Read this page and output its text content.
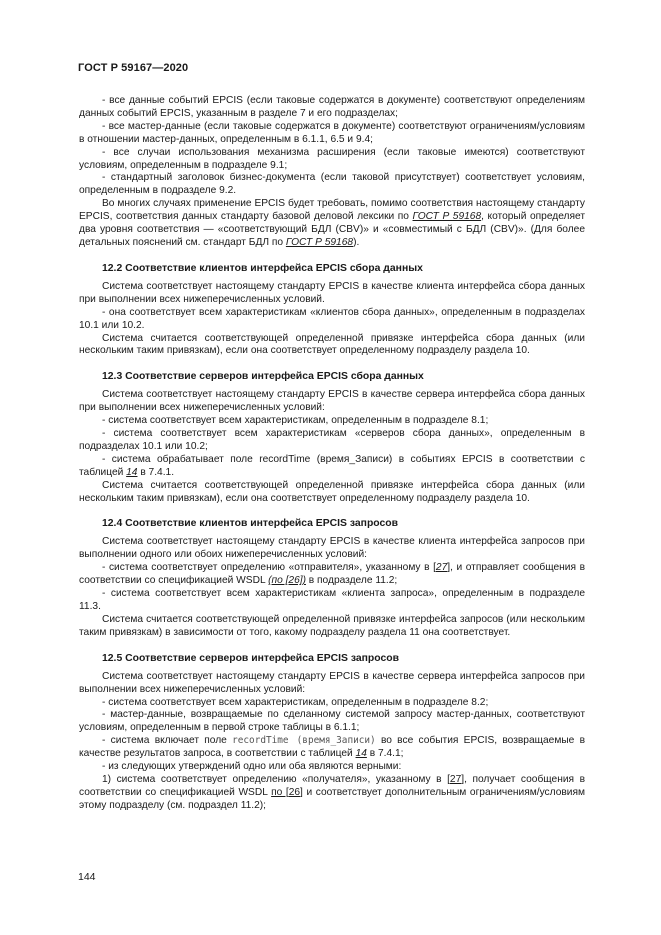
ГОСТ Р 59167—2020

- все данные событий EPCIS (если таковые содержатся в документе) соответствуют определениям данных событий EPCIS, указанным в разделе 7 и его подразделах;

- все мастер-данные (если таковые содержатся в документе) соответствуют ограничениям/условиям в отношении мастер-данных, определенным в 6.1.1, 6.5 и 9.4;

- все случаи использования механизма расширения (если таковые имеются) соответствуют условиям, определенным в подразделе 9.1;

- стандартный заголовок бизнес-документа (если таковой присутствует) соответствует условиям, определенным в подразделе 9.2.

Во многих случаях применение EPCIS будет требовать, помимо соответствия настоящему стандарту EPCIS, соответствия данных стандарту базовой деловой лексики по ГОСТ Р 59168, который определяет два уровня соответствия — «соответствующий БДЛ (CBV)» и «совместимый с БДЛ (CBV)». (Для более детальных пояснений см. стандарт БДЛ по ГОСТ Р 59168).

12.2 Соответствие клиентов интерфейса EPCIS сбора данных

Система соответствует настоящему стандарту EPCIS в качестве клиента интерфейса сбора данных при выполнении всех нижеперечисленных условий.

- она соответствует всем характеристикам «клиентов сбора данных», определенным в подразделах 10.1 или 10.2.

Система считается соответствующей определенной привязке интерфейса сбора данных (или нескольким таким привязкам), если она соответствует определенному подразделу раздела 10.

12.3 Соответствие серверов интерфейса EPCIS сбора данных

Система соответствует настоящему стандарту EPCIS в качестве сервера интерфейса сбора данных при выполнении всех нижеперечисленных условий:

- система соответствует всем характеристикам, определенным в подразделе 8.1;

- система соответствует всем характеристикам «серверов сбора данных», определенным в подразделах 10.1 или 10.2;

- система обрабатывает поле recordTime (время_Записи) в событиях EPCIS в соответствии с таблицей 14 в 7.4.1.

Система считается соответствующей определенной привязке интерфейса сбора данных (или нескольким таким привязкам), если она соответствует определенному подразделу раздела 10.

12.4 Соответствие клиентов интерфейса EPCIS запросов

Система соответствует настоящему стандарту EPCIS в качестве клиента интерфейса запросов при выполнении одного или обоих нижеперечисленных условий:

- система соответствует определению «отправителя», указанному в [27], и отправляет сообщения в соответствии со спецификацией WSDL (по [26]) в подразделе 11.2;

- система соответствует всем характеристикам «клиента запроса», определенным в подразделе 11.3.

Система считается соответствующей определенной привязке интерфейса запросов (или нескольким таким привязкам) в зависимости от того, какому подразделу раздела 11 она соответствует.

12.5 Соответствие серверов интерфейса EPCIS запросов

Система соответствует настоящему стандарту EPCIS в качестве сервера интерфейса запросов при выполнении всех нижеперечисленных условий:

- система соответствует всем характеристикам, определенным в подразделе 8.2;

- мастер-данные, возвращаемые по сделанному системой запросу мастер-данных, соответствуют условиям, определенным в первой строке таблицы в 6.1.1;

- система включает поле recordTime (время_Записи) во все события EPCIS, возвращаемые в качестве результатов запроса, в соответствии с таблицей 14 в 7.4.1;

- из следующих утверждений одно или оба являются верными:

1) система соответствует определению «получателя», указанному в [27], получает сообщения в соответствии со спецификацией WSDL по [26] и соответствует дополнительным ограничениям/условиям этому подразделу (см. подраздел 11.2);

144
